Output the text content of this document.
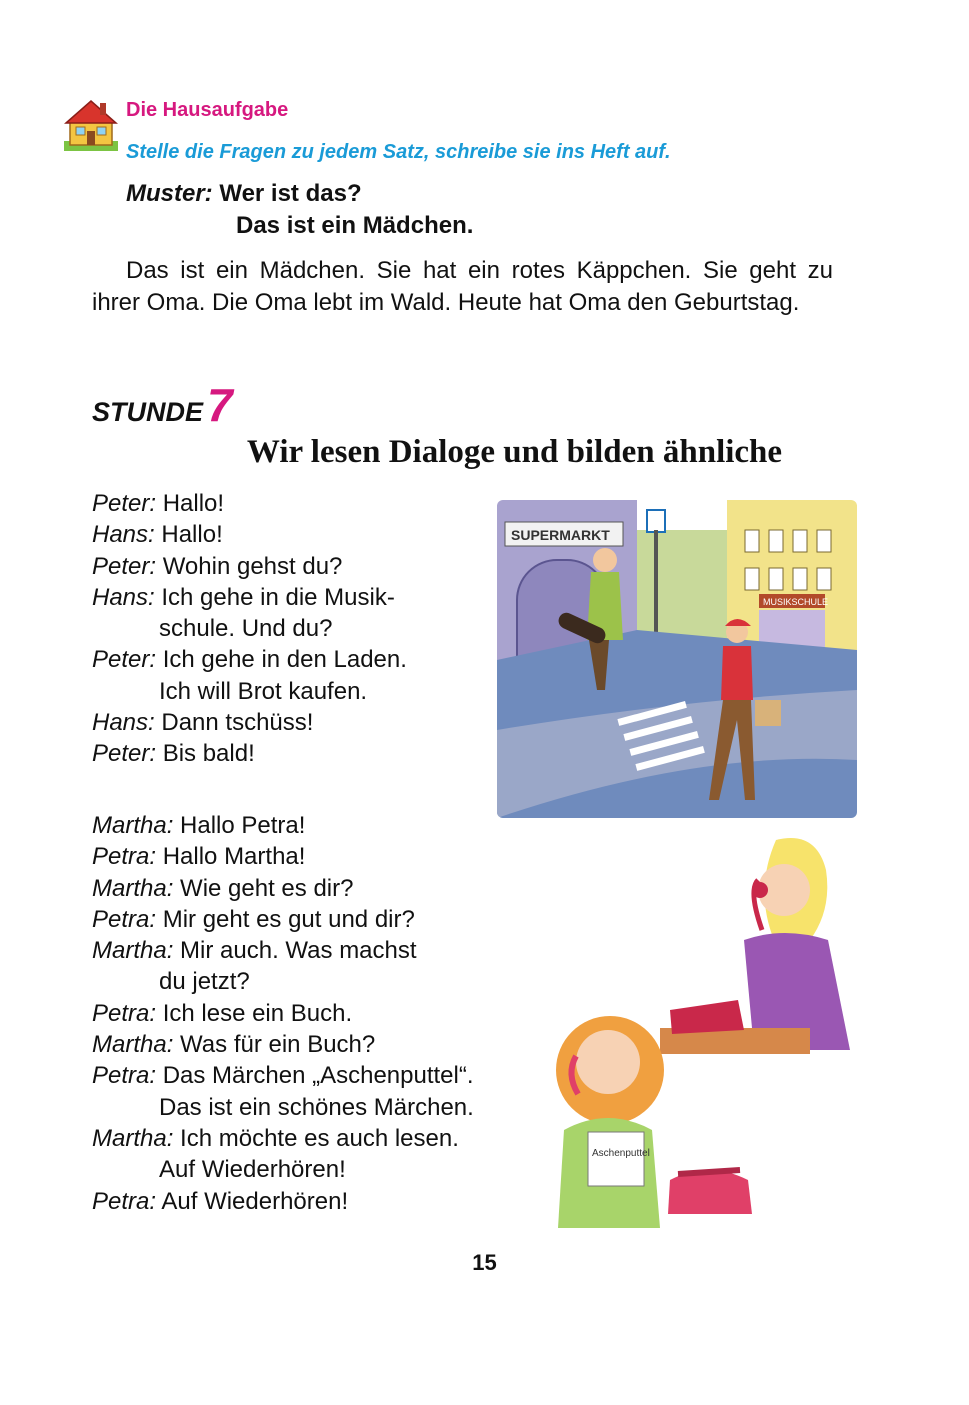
Die Hausaufgabe
Stelle die Fragen zu jedem Satz, schreibe sie ins Heft auf.
Muster: Wer ist das?
Das ist ein Mädchen.
Das ist ein Mädchen. Sie hat ein rotes Käppchen. Sie geht zu ihrer Oma. Die Oma lebt im Wald. Heute hat Oma den Geburtstag.
STUNDE7
Wir lesen Dialoge und bilden ähnliche
Peter: Hallo!
Hans: Hallo!
Peter: Wohin gehst du?
Hans: Ich gehe in die Musik-
schule. Und du?
Peter: Ich gehe in den Laden.
Ich will Brot kaufen.
Hans: Dann tschüss!
Peter: Bis bald!
Martha: Hallo Petra!
Petra: Hallo Martha!
Martha: Wie geht es dir?
Petra: Mir geht es gut und dir?
Martha: Mir auch. Was machst
du jetzt?
Petra: Ich lese ein Buch.
Martha: Was für ein Buch?
Petra: Das Märchen „Aschenputtel“.
Das ist ein schönes Märchen.
Martha: Ich möchte es auch lesen.
Auf Wiederhören!
Petra: Auf Wiederhören!
SUPERMARKT
MUSIKSCHULE
Aschenputtel
15
